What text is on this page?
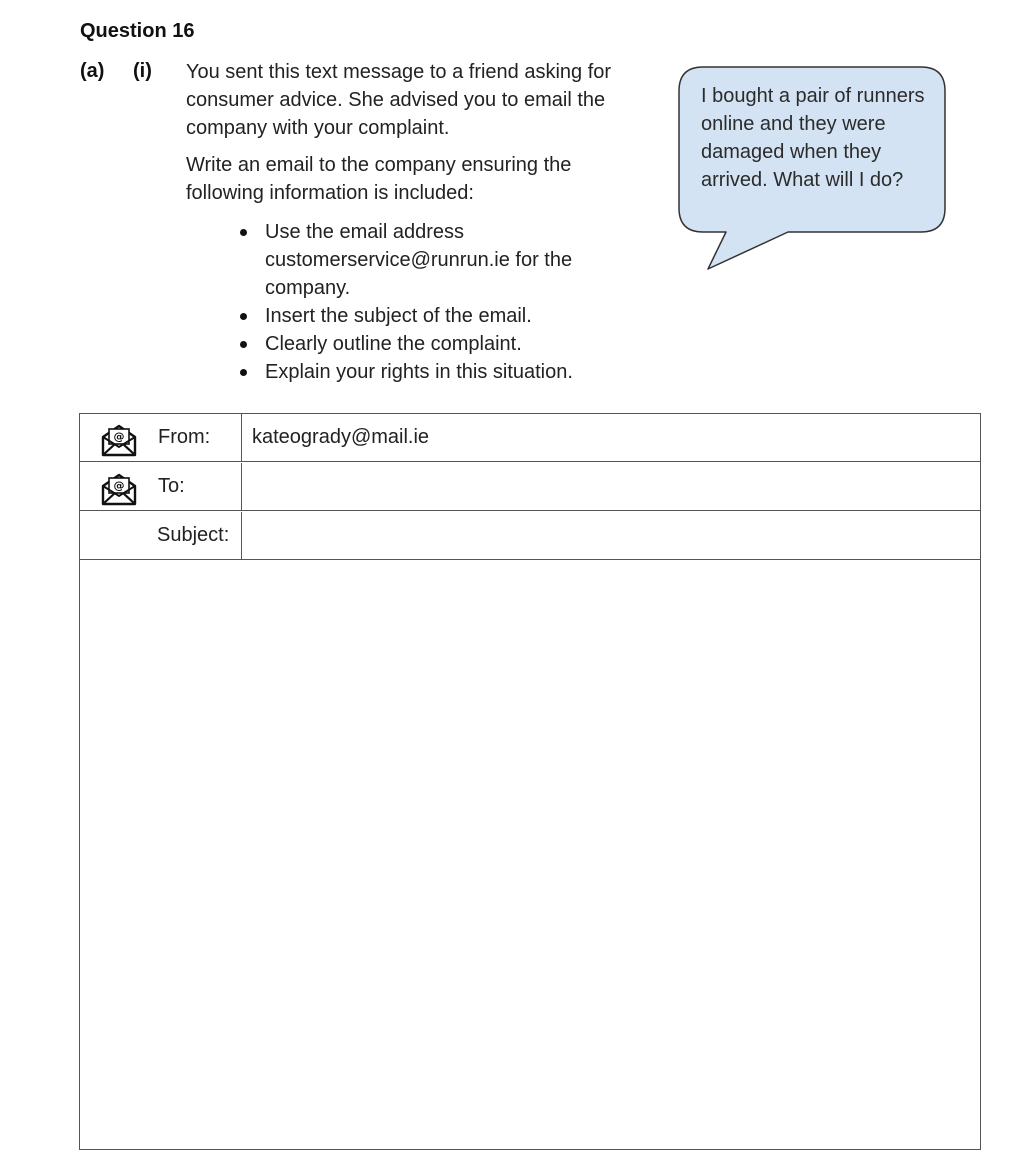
Question 16
(a) (i) You sent this text message to a friend asking for consumer advice. She advised you to email the company with your complaint.
Write an email to the company ensuring the following information is included:
Use the email address customerservice@runrun.ie for the company.
Insert the subject of the email.
Clearly outline the complaint.
Explain your rights in this situation.
I bought a pair of runners online and they were damaged when they arrived. What will I do?
@ From: kateogrady@mail.ie
@ To:
Subject:
